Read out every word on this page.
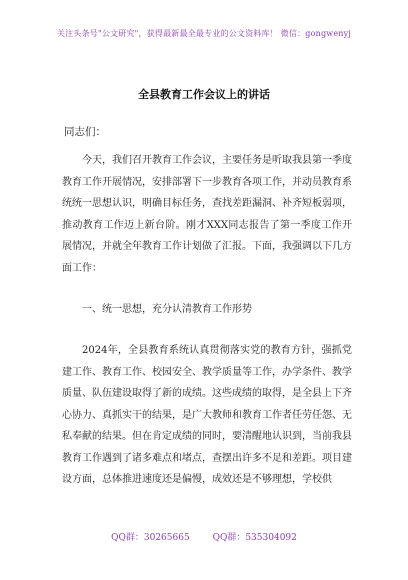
关注头条号"公文研究"，获得最新最全最专业的公文资料库！ 微信：gongwenyj
全县教育工作会议上的讲话
同志们：

今天，我们召开教育工作会议，主要任务是听取我县第一季度教育工作开展情况，安排部署下一步教育各项工作，并动员教育系统统一思想认识，明确目标任务，查找差距漏洞、补齐短板弱项，推动教育工作迈上新台阶。刚才XXX同志报告了第一季度工作开展情况，并就全年教育工作计划做了汇报。下面，我强调以下几方面工作：

一、统一思想，充分认清教育工作形势

2024年，全县教育系统认真贯彻落实党的教育方针，强抓党建工作、教育工作、校园安全、教学质量等工作，办学条件、教学质量、队伍建设取得了新的成绩。这些成绩的取得，是全县上下齐心协力、真抓实干的结果，是广大教师和教育工作者任劳任怨、无私奉献的结果。但在肯定成绩的同时，要清醒地认识到，当前我县教育工作遇到了诸多难点和堵点，查摆出许多不足和差距。项目建设方面，总体推进速度还是偏慢，成效还是不够理想，学校供

QQ群：30265665	QQ群：535304092
